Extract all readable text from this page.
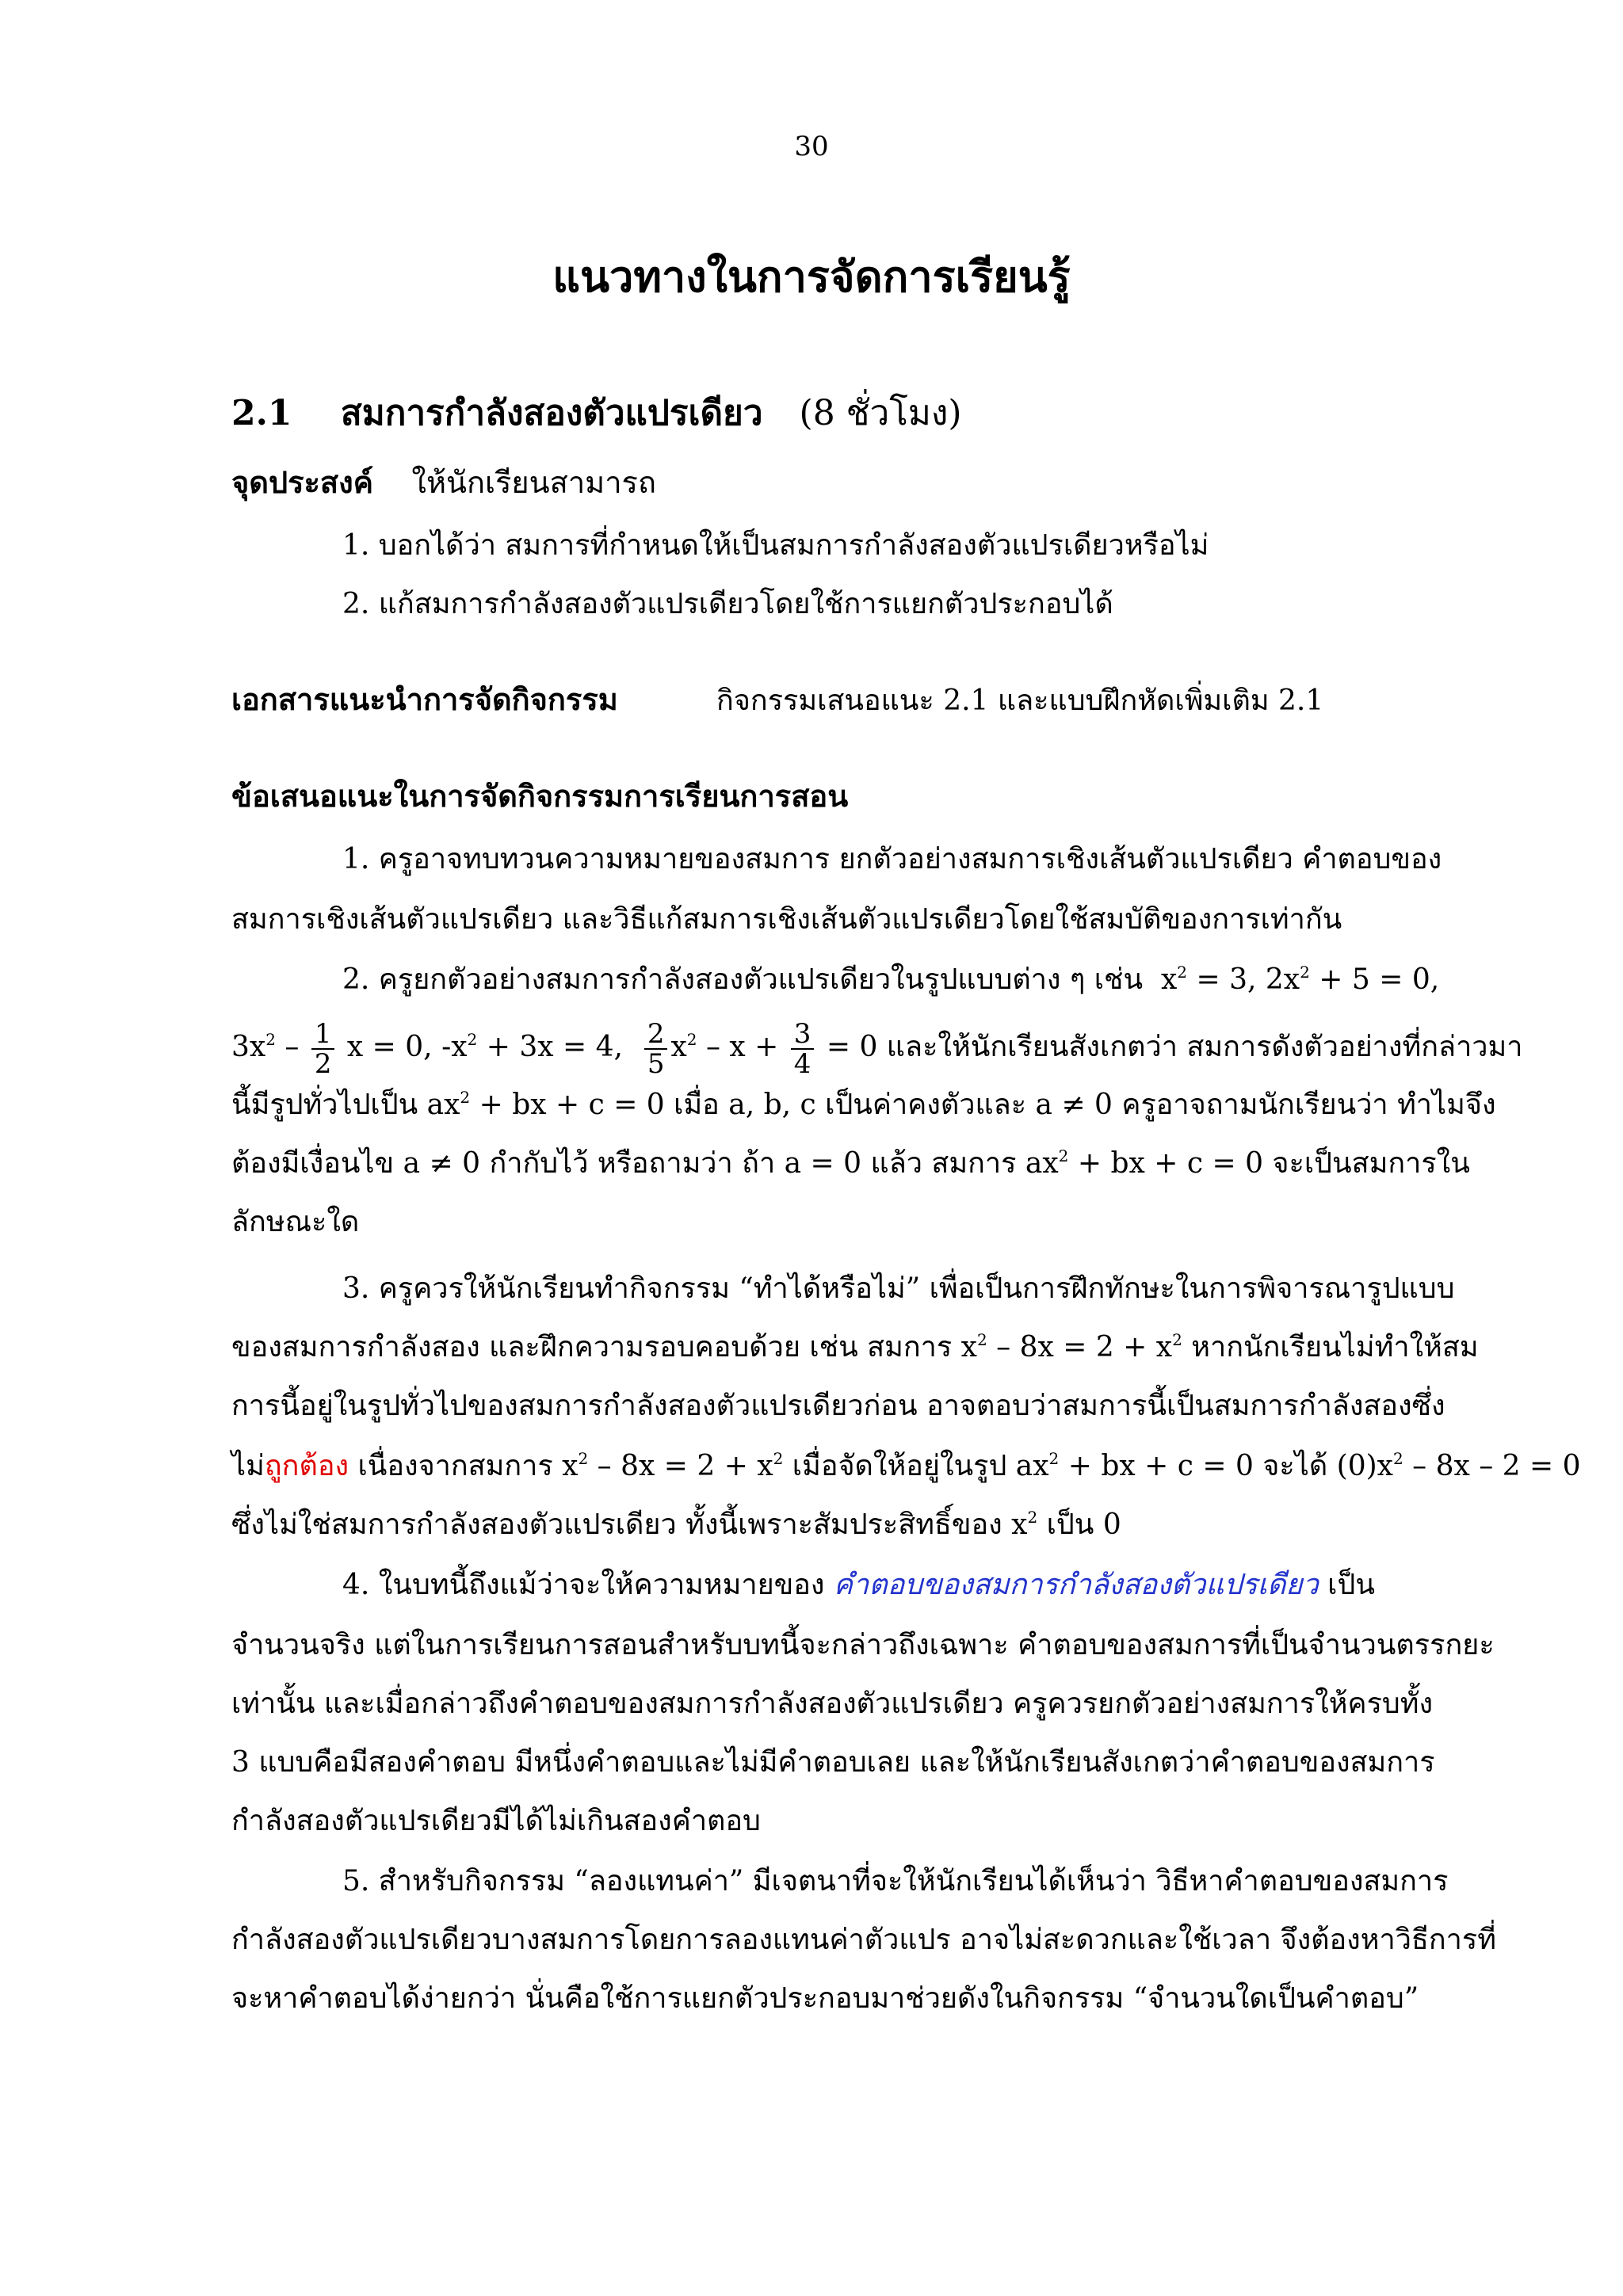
30
แนวทางในการจัดการเรียนรู้
2.1 สมการกำลังสองตัวแปรเดียว (8 ชั่วโมง)
จุดประสงค์ ให้นักเรียนสามารถ
1. บอกได้ว่า สมการที่กำหนดให้เป็นสมการกำลังสองตัวแปรเดียวหรือไม่
2. แก้สมการกำลังสองตัวแปรเดียวโดยใช้การแยกตัวประกอบได้
เอกสารแนะนำการจัดกิจกรรม	กิจกรรมเสนอแนะ 2.1 และแบบฝึกหัดเพิ่มเติม 2.1
ข้อเสนอแนะในการจัดกิจกรรมการเรียนการสอน
1. ครูอาจทบทวนความหมายของสมการ ยกตัวอย่างสมการเชิงเส้นตัวแปรเดียว คำตอบของ
สมการเชิงเส้นตัวแปรเดียว และวิธีแก้สมการเชิงเส้นตัวแปรเดียวโดยใช้สมบัติของการเท่ากัน
2. ครูยกตัวอย่างสมการกำลังสองตัวแปรเดียวในรูปแบบต่าง ๆ เช่น $x^2 = 3$, $2x^2 + 5 = 0$,
$3x^2 - \frac{1}{2}$ x = 0, $-x^2 + 3x = 4$, $\frac{2}{5} x^2 - x + \frac{3}{4} = 0$ และให้นักเรียนสังเกตว่า สมการดังตัวอย่างที่กล่าวมา
นี้มีรูปทั่วไปเป็น $ax^2$ + bx + c = 0 เมื่อ a, b, c เป็นค่าคงตัวและ a ≠ 0 ครูอาจถามนักเรียนว่า ทำไมจึง
ต้องมีเงื่อนไข a ≠ 0 กำกับไว้ หรือถามว่า ถ้า a = 0 แล้ว สมการ $ax^2$ + bx + c = 0 จะเป็นสมการใน
ลักษณะใด
3. ครูควรให้นักเรียนทำกิจกรรม “ทำได้หรือไม่” เพื่อเป็นการฝึกทักษะในการพิจารณารูปแบบ
ของสมการกำลังสอง และฝึกความรอบคอบด้วย เช่น สมการ $x^2 - 8x = 2 + x^2$ หากนักเรียนไม่ทำให้สม
การนี้อยู่ในรูปทั่วไปของสมการกำลังสองตัวแปรเดียวก่อน อาจตอบว่าสมการนี้เป็นสมการกำลังสองซึ่ง
ไม่ถูกต้อง เนื่องจากสมการ $x^2 - 8x = 2 + x^2$ เมื่อจัดให้อยู่ในรูป $ax^2$ + bx + c = 0 จะได้ $(0)x^2 - 8x - 2 = 0$
ซึ่งไม่ใช่สมการกำลังสองตัวแปรเดียว ทั้งนี้เพราะสัมประสิทธิ์ของ $x^2$ เป็น 0
4. ในบทนี้ถึงแม้ว่าจะให้ความหมายของ คำตอบของสมการกำลังสองตัวแปรเดียว เป็น
จำนวนจริง แต่ในการเรียนการสอนสำหรับบทนี้จะกล่าวถึงเฉพาะ คำตอบของสมการที่เป็นจำนวนตรรกยะ
เท่านั้น และเมื่อกล่าวถึงคำตอบของสมการกำลังสองตัวแปรเดียว ครูควรยกตัวอย่างสมการให้ครบทั้ง
3 แบบคือมีสองคำตอบ มีหนึ่งคำตอบและไม่มีคำตอบเลย และให้นักเรียนสังเกตว่าคำตอบของสมการ
กำลังสองตัวแปรเดียวมีได้ไม่เกินสองคำตอบ
5. สำหรับกิจกรรม “ลองแทนค่า” มีเจตนาที่จะให้นักเรียนได้เห็นว่า วิธีหาคำตอบของสมการ
กำลังสองตัวแปรเดียวบางสมการโดยการลองแทนค่าตัวแปร อาจไม่สะดวกและใช้เวลา จึงต้องหาวิธีการที่
จะหาคำตอบได้ง่ายกว่า นั่นคือใช้การแยกตัวประกอบมาช่วยดังในกิจกรรม “จำนวนใดเป็นคำตอบ”
